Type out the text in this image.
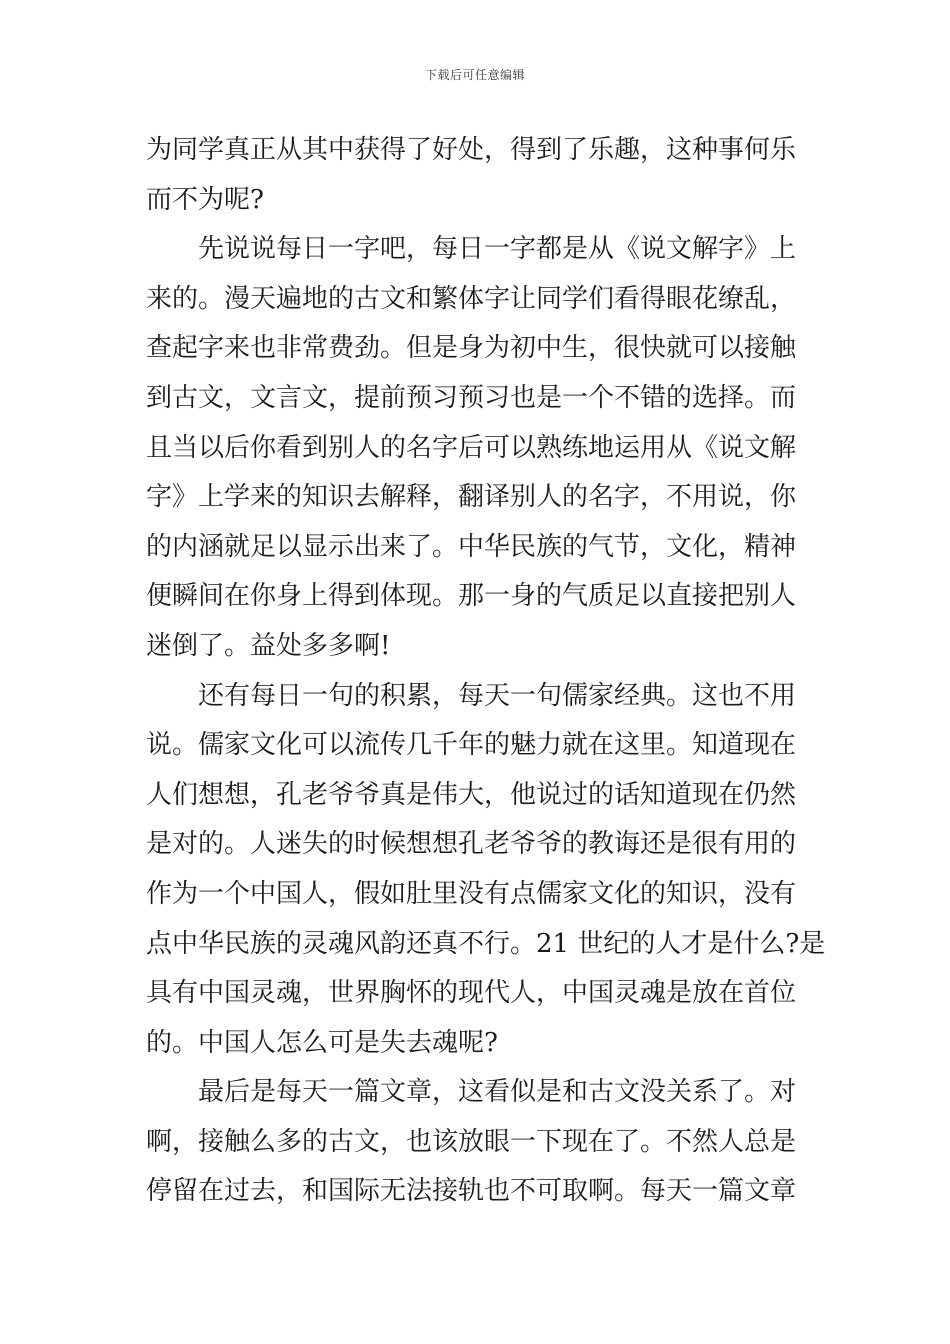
下载后可任意编辑

为同学真正从其中获得了好处，得到了乐趣，这种事何乐

而不为呢?

　　先说说每日一字吧，每日一字都是从《说文解字》上

来的。漫天遍地的古文和繁体字让同学们看得眼花缭乱，

查起字来也非常费劲。但是身为初中生，很快就可以接触

到古文，文言文，提前预习预习也是一个不错的选择。而

且当以后你看到别人的名字后可以熟练地运用从《说文解

字》上学来的知识去解释，翻译别人的名字，不用说，你

的内涵就足以显示出来了。中华民族的气节，文化，精神

便瞬间在你身上得到体现。那一身的气质足以直接把别人

迷倒了。益处多多啊!

　　还有每日一句的积累，每天一句儒家经典。这也不用

说。儒家文化可以流传几千年的魅力就在这里。知道现在

人们想想，孔老爷爷真是伟大，他说过的话知道现在仍然

是对的。人迷失的时候想想孔老爷爷的教诲还是很有用的

作为一个中国人，假如肚里没有点儒家文化的知识，没有

点中华民族的灵魂风韵还真不行。21 世纪的人才是什么?是

具有中国灵魂，世界胸怀的现代人，中国灵魂是放在首位

的。中国人怎么可是失去魂呢?

　　最后是每天一篇文章，这看似是和古文没关系了。对

啊，接触么多的古文，也该放眼一下现在了。不然人总是

停留在过去，和国际无法接轨也不可取啊。每天一篇文章
